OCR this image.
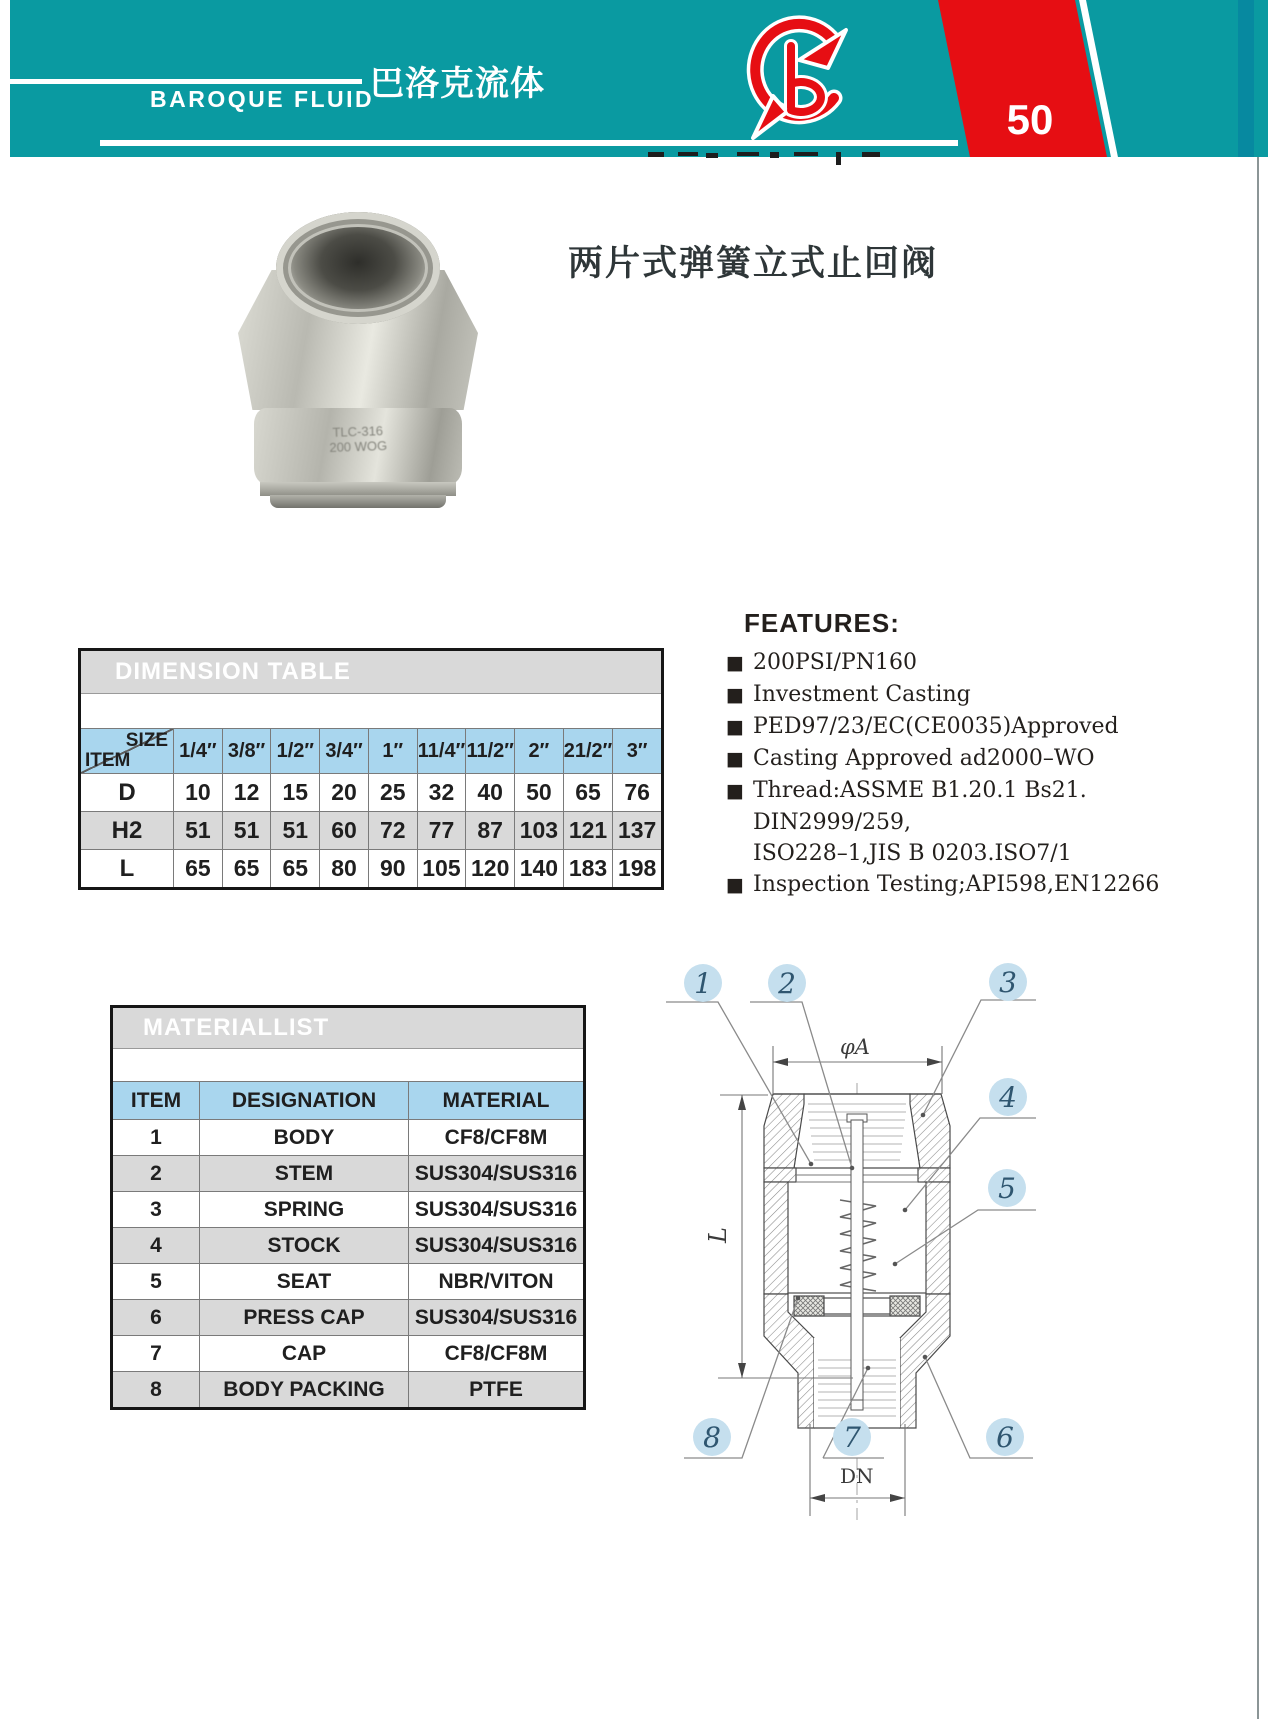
BAROQUE FLUID
巴洛克流体
50
TLC-316
200 WOG
两片式弹簧立式止回阀
FEATURES:
■ 200PSI/PN160
■ Investment Casting
■ PED97/23/EC(CE0035)Approved
■ Casting Approved ad2000–WO
■ Thread:ASSME B1.20.1 Bs21.
DIN2999/259,
ISO228–1,JIS B 0203.ISO7/1
■ Inspection Testing;API598,EN12266
DIMENSION TABLE
SIZE
ITEM 1/4″ 3/8″ 1/2″ 3/4″ 1″ 11/4″ 11/2″ 2″ 21/2″ 3″
D	10	12	15	20	25	32	40	50	65	76
H2	51	51	51	60	72	77	87 103 121 137
L	65	65	65	80	90 105 120 140 183 198
MATERIALLIST
ITEM	DESIGNATION	MATERIAL
1	BODY	CF8/CF8M
2	STEM	SUS304/SUS316
3	SPRING	SUS304/SUS316
4	STOCK	SUS304/SUS316
5	SEAT	NBR/VITON
6	PRESS CAP	SUS304/SUS316
7	CAP	CF8/CF8M
8	BODY PACKING	PTFE
φA
L
DN
1 2	3
4
5
6
7
8
